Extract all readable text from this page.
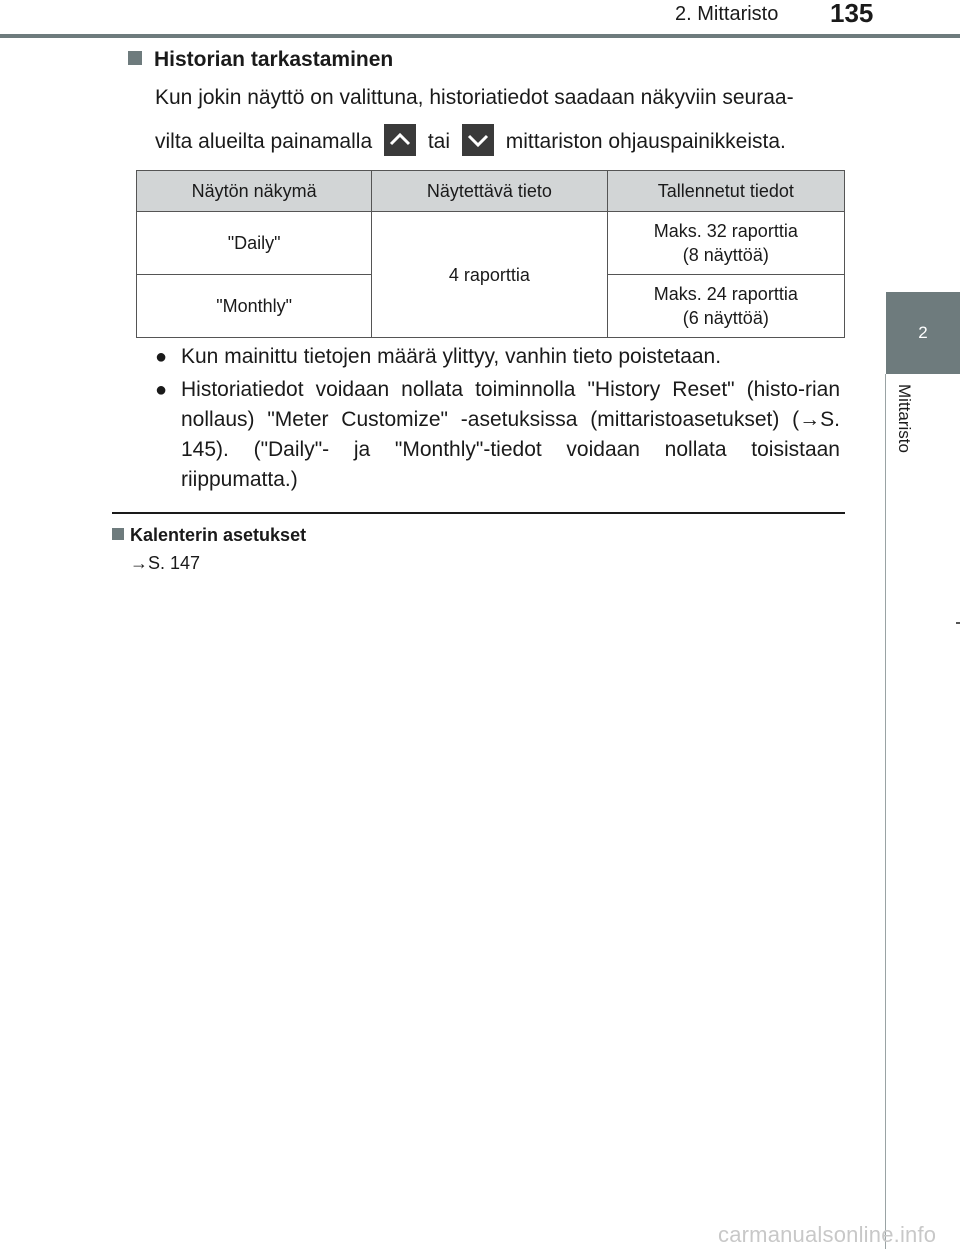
2. Mittaristo 135
2
Mittaristo
Historian tarkastaminen
Kun jokin näyttö on valittuna, historiatiedot saadaan näkyviin seuraa-
vilta alueilta painamalla	tai	mittariston ohjauspainikkeista.
Näytön näkymä	Näytettävä tieto	Tallennetut tiedot
"Daily"	4 raporttia	Maks. 32 raporttia
(8 näyttöä)
"Monthly"		Maks. 24 raporttia
(6 näyttöä)
● Kun mainittu tietojen määrä ylittyy, vanhin tieto poistetaan.
● Historiatiedot voidaan nollata toiminnolla "History Reset" (histo-rian nollaus) "Meter Customize" -asetuksissa (mittaristoasetukset) (→S. 145). ("Daily"- ja "Monthly"-tiedot voidaan nollata toisistaan riippumatta.)
Kalenterin asetukset
→S. 147
carmanualsonline.info
